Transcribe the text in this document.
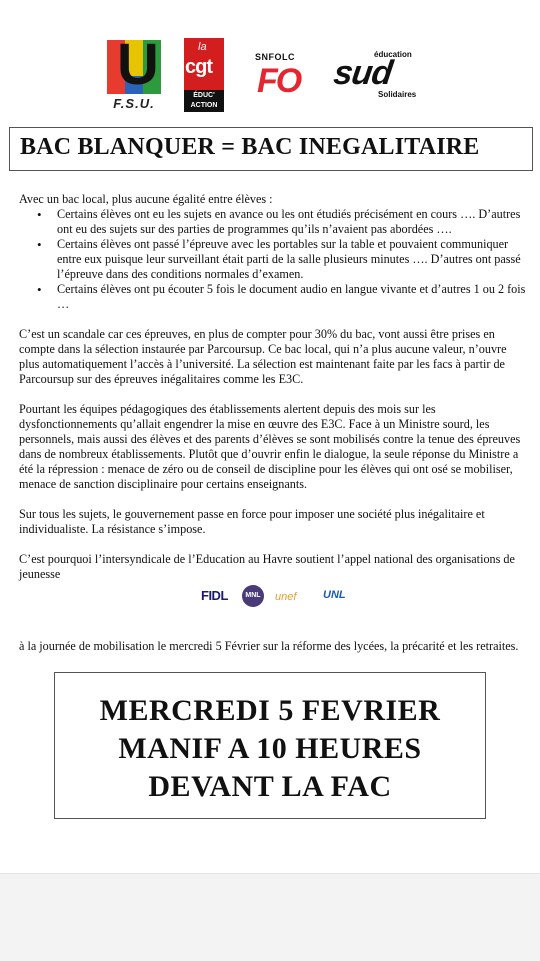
U
F.S.U.
la
cgt
ÉDUC' ACTION
SNFOLC
FO
éducation
sud
Solidaires
BAC BLANQUER = BAC INEGALITAIRE

Avec un bac local, plus aucune égalité entre élèves :

• Certains élèves ont eu les sujets en avance ou les ont étudiés précisément en cours …. D’autres ont eu des sujets sur des parties de programmes qu’ils n’avaient pas abordées ….
• Certains élèves ont passé l’épreuve avec les portables sur la table et pouvaient communiquer entre eux puisque leur surveillant était parti de la salle plusieurs minutes …. D’autres ont passé l’épreuve dans des conditions normales d’examen.
• Certains élèves ont pu écouter 5 fois le document audio en langue vivante et d’autres 1 ou 2 fois …

C’est un scandale car ces épreuves, en plus de compter pour 30% du bac, vont aussi être prises en compte dans la sélection instaurée par Parcoursup. Ce bac local, qui n’a plus aucune valeur, n’ouvre plus automatiquement l’accès à l’université. La sélection est maintenant faite par les facs à partir de Parcoursup sur des épreuves inégalitaires comme les E3C.

Pourtant les équipes pédagogiques des établissements alertent depuis des mois sur les dysfonctionnements qu’allait engendrer la mise en œuvre des E3C. Face à un Ministre sourd, les personnels, mais aussi des élèves et des parents d’élèves se sont mobilisés contre la tenue des épreuves dans de nombreux établissements. Plutôt que d’ouvrir enfin le dialogue, la seule réponse du Ministre a été la répression : menace de zéro ou de conseil de discipline pour les élèves qui ont osé se mobiliser, menace de sanction disciplinaire pour certains enseignants.

Sur tous les sujets, le gouvernement passe en force pour imposer une société plus inégalitaire et individualiste. La résistance s’impose.

C’est pourquoi l’intersyndicale de l’Education au Havre soutient l’appel national des organisations de jeunesse

FIDL	MNL	unef UNL

à la journée de mobilisation le mercredi 5 Février sur la réforme des lycées, la précarité et les retraites.

MERCREDI 5 FEVRIER
MANIF A 10 HEURES
DEVANT LA FAC
